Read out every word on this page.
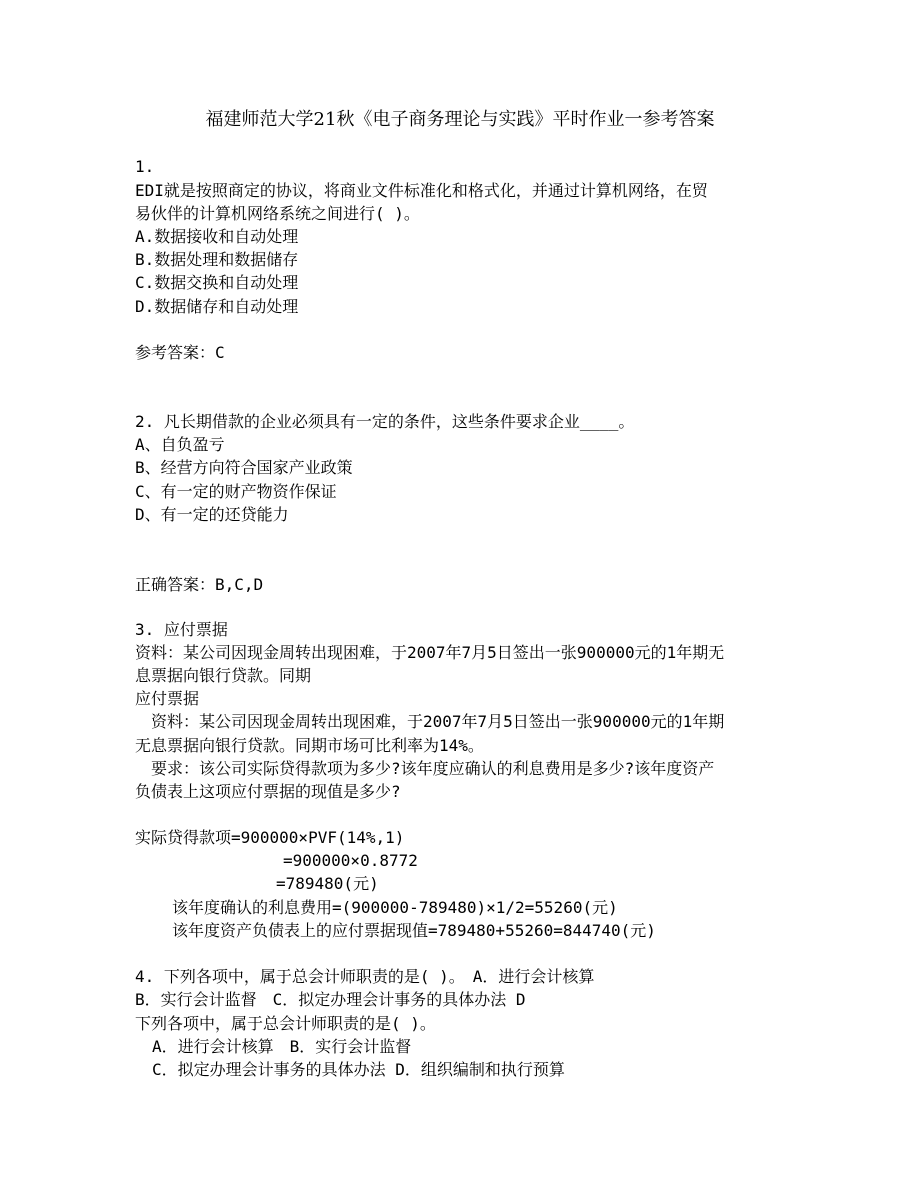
福建师范大学21秋《电子商务理论与实践》平时作业一参考答案
1.
EDI就是按照商定的协议，将商业文件标准化和格式化，并通过计算机网络，在贸
易伙伴的计算机网络系统之间进行( )。
A.数据接收和自动处理
B.数据处理和数据储存
C.数据交换和自动处理
D.数据储存和自动处理
参考答案：C
2. 凡长期借款的企业必须具有一定的条件，这些条件要求企业____。
A、自负盈亏
B、经营方向符合国家产业政策
C、有一定的财产物资作保证
D、有一定的还贷能力
正确答案：B,C,D
3. 应付票据
资料：某公司因现金周转出现困难，于2007年7月5日签出一张900000元的1年期无
息票据向银行贷款。同期
应付票据
　资料：某公司因现金周转出现困难，于2007年7月5日签出一张900000元的1年期
无息票据向银行贷款。同期市场可比利率为14%。
　要求：该公司实际贷得款项为多少?该年度应确认的利息费用是多少?该年度资产
负债表上这项应付票据的现值是多少?
实际贷得款项=900000×PVF(14%,1)
=900000×0.8772
=789480(元)
该年度确认的利息费用=(900000-789480)×1/2=55260(元)
该年度资产负债表上的应付票据现值=789480+55260=844740(元)
4. 下列各项中，属于总会计师职责的是( )。　A．进行会计核算
B．实行会计监督　C．拟定办理会计事务的具体办法 D
下列各项中，属于总会计师职责的是( )。
A．进行会计核算　B．实行会计监督
C．拟定办理会计事务的具体办法 D．组织编制和执行预算
